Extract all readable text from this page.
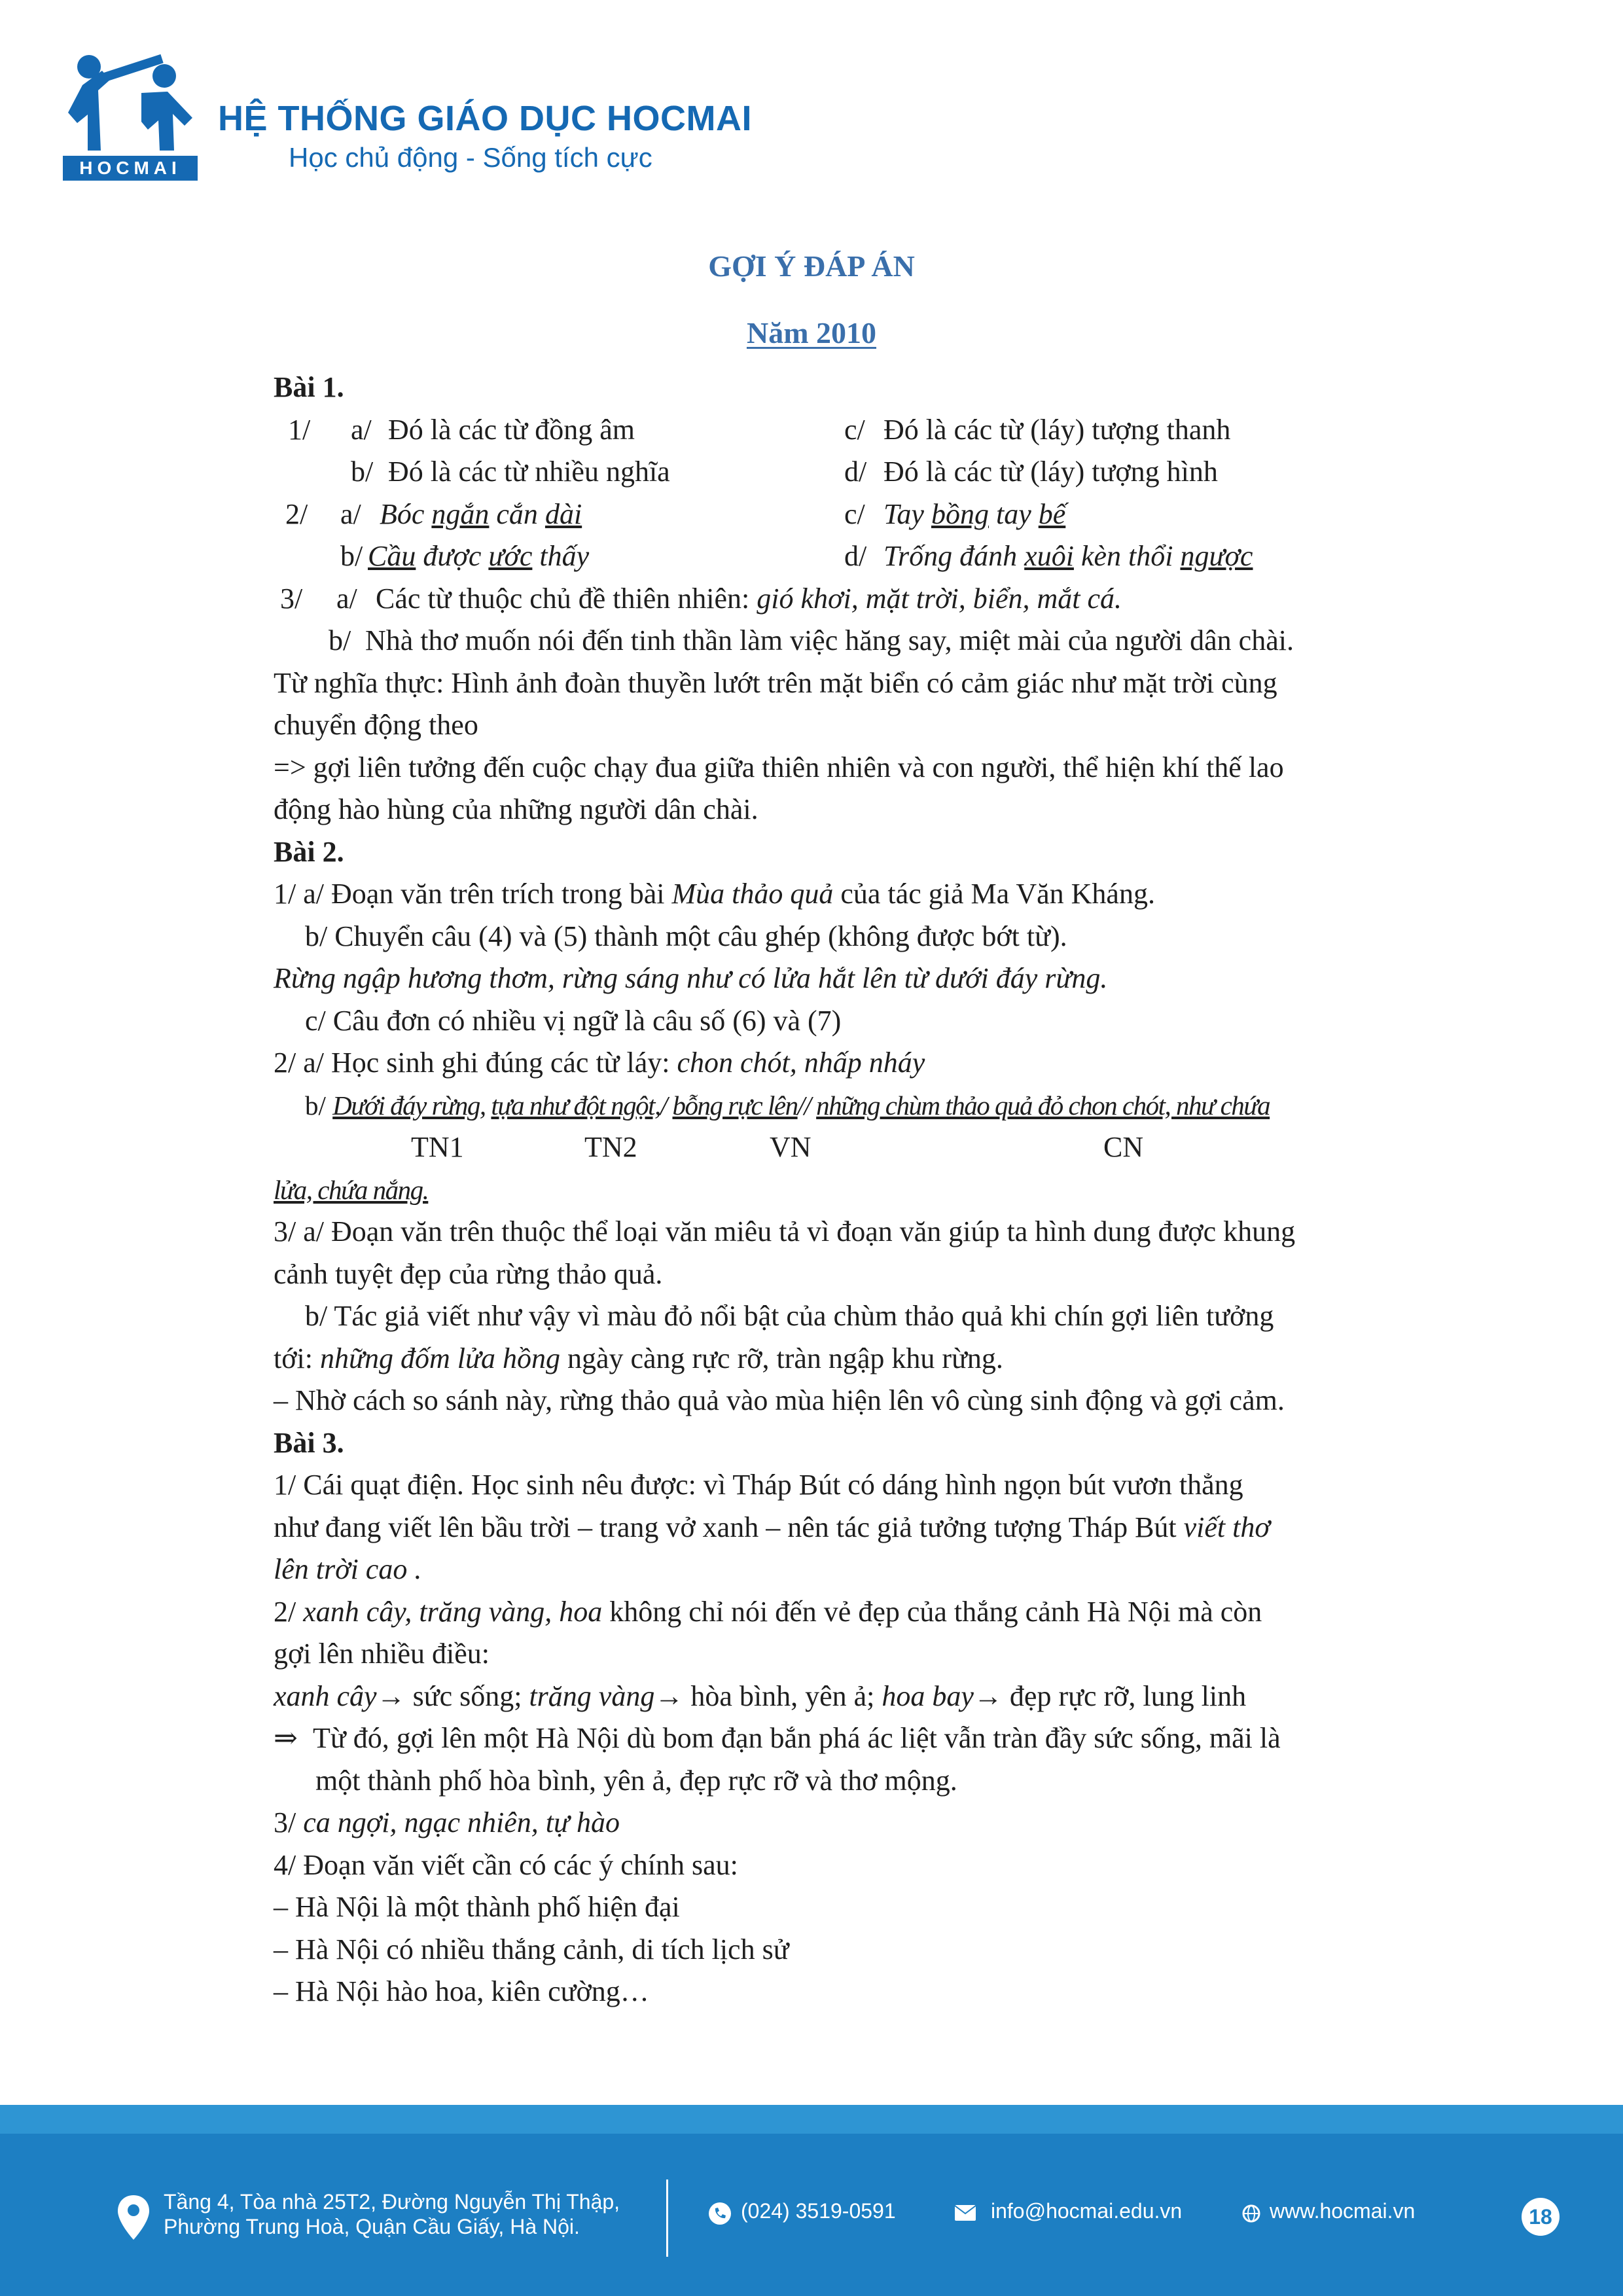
HOCMAI
HỆ THỐNG GIÁO DỤC HOCMAI
Học chủ động - Sống tích cực
GỢI Ý ĐÁP ÁN
Năm 2010
Bài 1.
1/ a/ Đó là các từ đồng âm	c/ Đó là các từ (láy) tượng thanh
b/ Đó là các từ nhiều nghĩa	d/ Đó là các từ (láy) tượng hình
2/ a/ Bóc ngắn cắn dài	c/ Tay bồng tay bế
b/ Cầu được ước thấy	d/ Trống đánh xuôi kèn thổi ngược
3/ a/ Các từ thuộc chủ đề thiên nhiên: gió khơi, mặt trời, biển, mắt cá.
b/ Nhà thơ muốn nói đến tinh thần làm việc hăng say, miệt mài của người dân chài.
Từ nghĩa thực: Hình ảnh đoàn thuyền lướt trên mặt biển có cảm giác như mặt trời cùng
chuyển động theo
=> gợi liên tưởng đến cuộc chạy đua giữa thiên nhiên và con người, thể hiện khí thế lao
động hào hùng của những người dân chài.
Bài 2.
1/ a/ Đoạn văn trên trích trong bài Mùa thảo quả của tác giả Ma Văn Kháng.
b/ Chuyển câu (4) và (5) thành một câu ghép (không được bớt từ).
Rừng ngập hương thơm, rừng sáng như có lửa hắt lên từ dưới đáy rừng.
c/ Câu đơn có nhiều vị ngữ là câu số (6) và (7)
2/ a/ Học sinh ghi đúng các từ láy: chon chót, nhấp nháy
b/ Dưới đáy rừng, tựa như đột ngột,/ bỗng rực lên// những chùm thảo quả đỏ chon chót, như chứa
TN1	TN2	VN	CN
lửa, chứa nắng.
3/ a/ Đoạn văn trên thuộc thể loại văn miêu tả vì đoạn văn giúp ta hình dung được khung
cảnh tuyệt đẹp của rừng thảo quả.
b/ Tác giả viết như vậy vì màu đỏ nổi bật của chùm thảo quả khi chín gợi liên tưởng
tới: những đốm lửa hồng ngày càng rực rỡ, tràn ngập khu rừng.
– Nhờ cách so sánh này, rừng thảo quả vào mùa hiện lên vô cùng sinh động và gợi cảm.
Bài 3.
1/ Cái quạt điện. Học sinh nêu được: vì Tháp Bút có dáng hình ngọn bút vươn thẳng
như đang viết lên bầu trời – trang vở xanh – nên tác giả tưởng tượng Tháp Bút viết thơ
lên trời cao .
2/ xanh cây, trăng vàng, hoa không chỉ nói đến vẻ đẹp của thắng cảnh Hà Nội mà còn
gợi lên nhiều điều:
xanh cây→ sức sống; trăng vàng→ hòa bình, yên ả; hoa bay→ đẹp rực rỡ, lung linh
⇒ Từ đó, gợi lên một Hà Nội dù bom đạn bắn phá ác liệt vẫn tràn đầy sức sống, mãi là
một thành phố hòa bình, yên ả, đẹp rực rỡ và thơ mộng.
3/ ca ngợi, ngạc nhiên, tự hào
4/ Đoạn văn viết cần có các ý chính sau:
– Hà Nội là một thành phố hiện đại
– Hà Nội có nhiều thắng cảnh, di tích lịch sử
– Hà Nội hào hoa, kiên cường…
Tầng 4, Tòa nhà 25T2, Đường Nguyễn Thị Thập,
Phường Trung Hoà, Quận Cầu Giấy, Hà Nội.
(024) 3519-0591	info@hocmai.edu.vn	www.hocmai.vn	18
